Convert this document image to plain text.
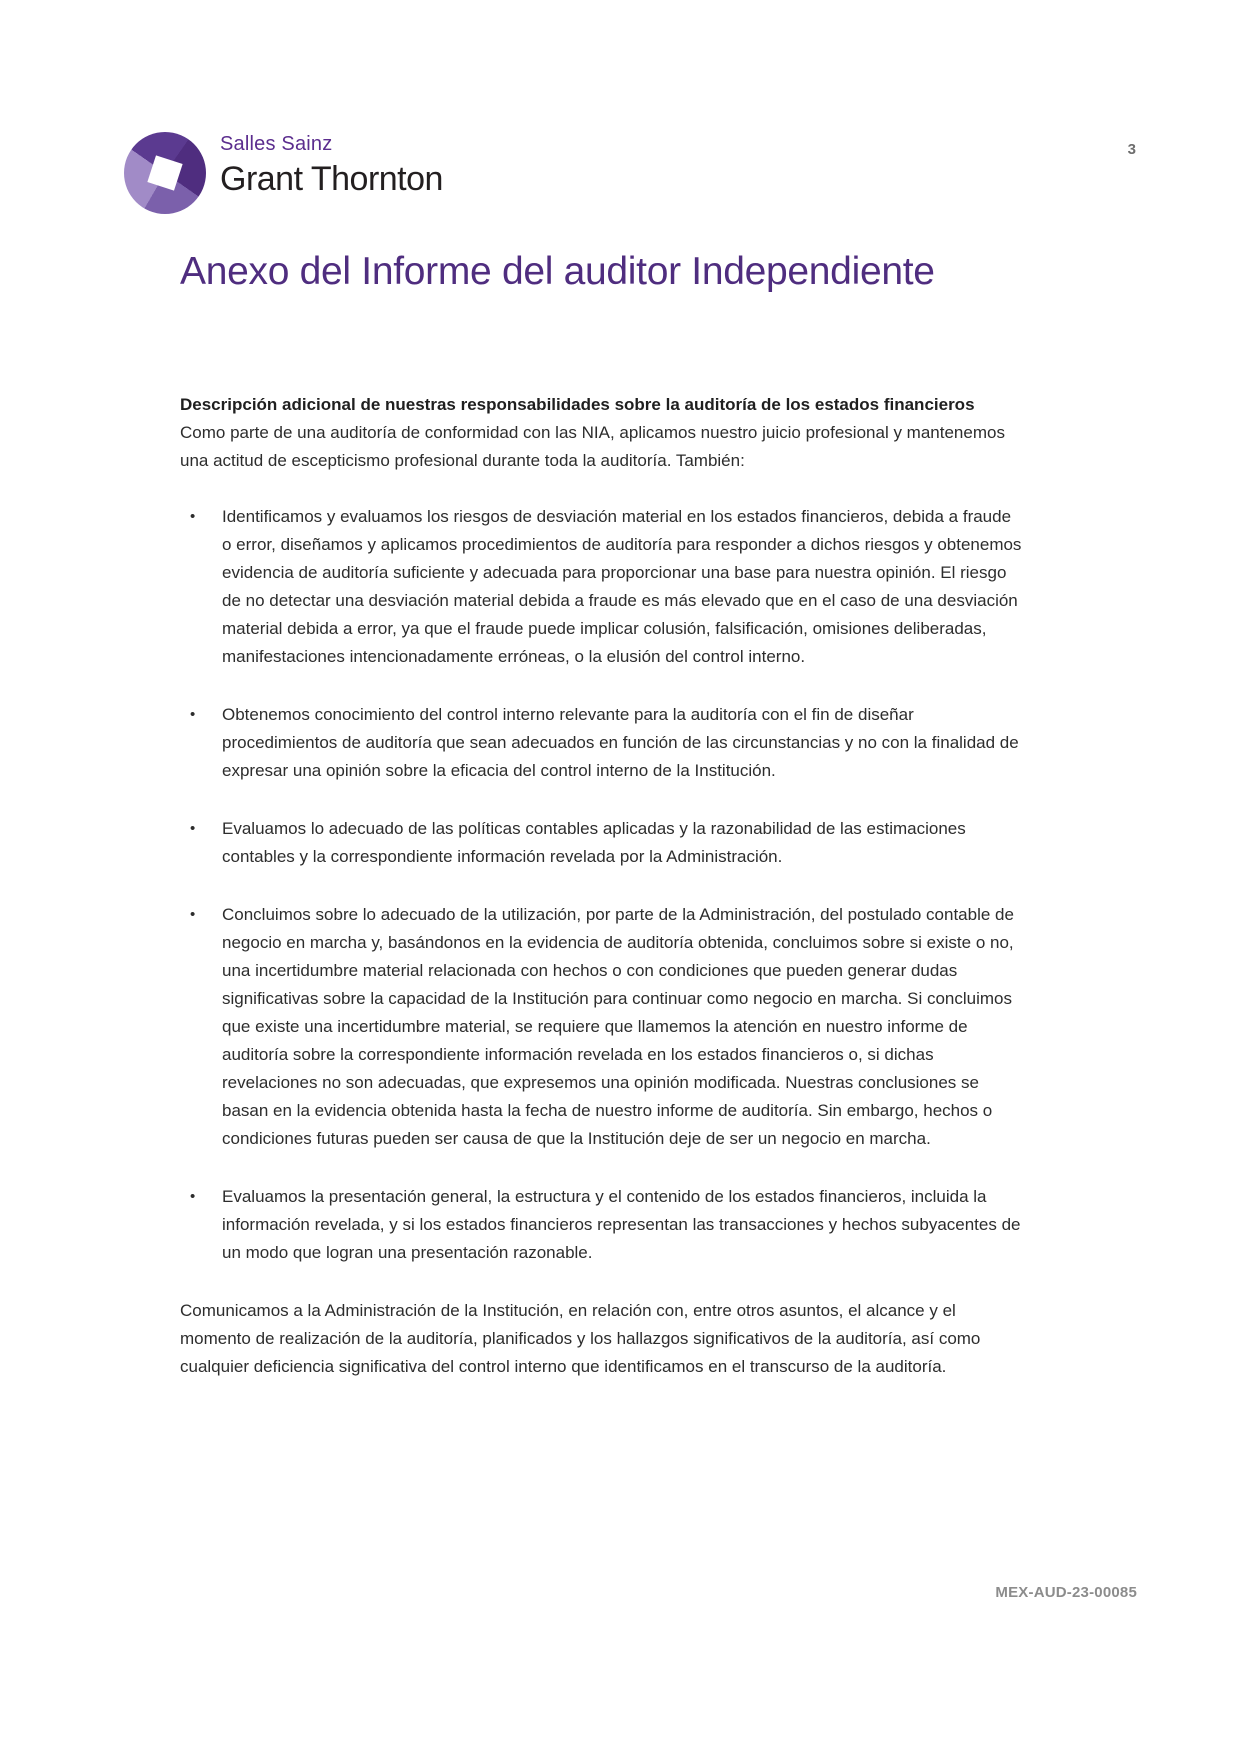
Salles Sainz
Grant Thornton
3
Anexo del Informe del auditor Independiente
Descripción adicional de nuestras responsabilidades sobre la auditoría de los estados financieros

Como parte de una auditoría de conformidad con las NIA, aplicamos nuestro juicio profesional y mantenemos una actitud de escepticismo profesional durante toda la auditoría. También:

• Identificamos y evaluamos los riesgos de desviación material en los estados financieros, debida a fraude o error, diseñamos y aplicamos procedimientos de auditoría para responder a dichos riesgos y obtenemos evidencia de auditoría suficiente y adecuada para proporcionar una base para nuestra opinión. El riesgo de no detectar una desviación material debida a fraude es más elevado que en el caso de una desviación material debida a error, ya que el fraude puede implicar colusión, falsificación, omisiones deliberadas, manifestaciones intencionadamente erróneas, o la elusión del control interno.
• Obtenemos conocimiento del control interno relevante para la auditoría con el fin de diseñar procedimientos de auditoría que sean adecuados en función de las circunstancias y no con la finalidad de expresar una opinión sobre la eficacia del control interno de la Institución.
• Evaluamos lo adecuado de las políticas contables aplicadas y la razonabilidad de las estimaciones contables y la correspondiente información revelada por la Administración.
• Concluimos sobre lo adecuado de la utilización, por parte de la Administración, del postulado contable de negocio en marcha y, basándonos en la evidencia de auditoría obtenida, concluimos sobre si existe o no, una incertidumbre material relacionada con hechos o con condiciones que pueden generar dudas significativas sobre la capacidad de la Institución para continuar como negocio en marcha. Si concluimos que existe una incertidumbre material, se requiere que llamemos la atención en nuestro informe de auditoría sobre la correspondiente información revelada en los estados financieros o, si dichas revelaciones no son adecuadas, que expresemos una opinión modificada. Nuestras conclusiones se basan en la evidencia obtenida hasta la fecha de nuestro informe de auditoría. Sin embargo, hechos o condiciones futuras pueden ser causa de que la Institución deje de ser un negocio en marcha.
• Evaluamos la presentación general, la estructura y el contenido de los estados financieros, incluida la información revelada, y si los estados financieros representan las transacciones y hechos subyacentes de un modo que logran una presentación razonable.

Comunicamos a la Administración de la Institución, en relación con, entre otros asuntos, el alcance y el momento de realización de la auditoría, planificados y los hallazgos significativos de la auditoría, así como cualquier deficiencia significativa del control interno que identificamos en el transcurso de la auditoría.

MEX-AUD-23-00085
